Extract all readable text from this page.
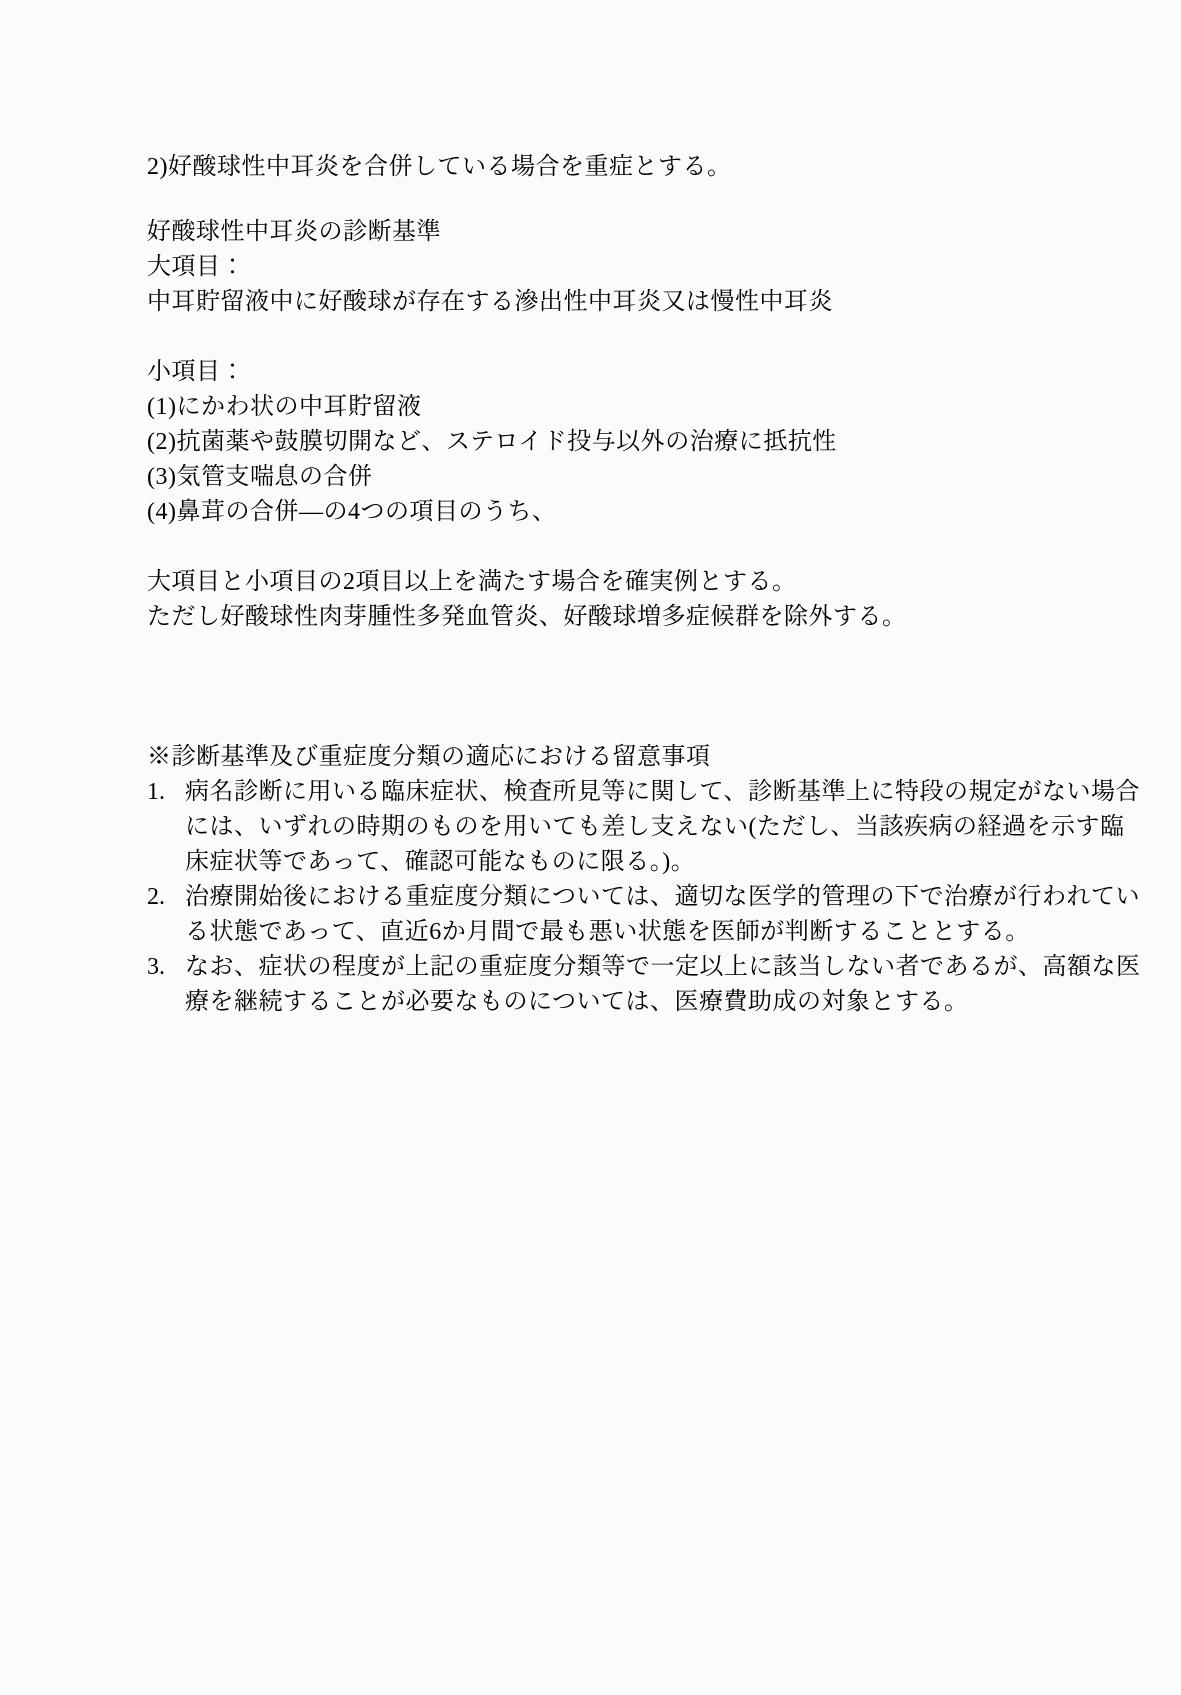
2)好酸球性中耳炎を合併している場合を重症とする。
好酸球性中耳炎の診断基準
大項目：
中耳貯留液中に好酸球が存在する滲出性中耳炎又は慢性中耳炎
小項目：
(1)にかわ状の中耳貯留液
(2)抗菌薬や鼓膜切開など、ステロイド投与以外の治療に抵抗性
(3)気管支喘息の合併
(4)鼻茸の合併―の4つの項目のうち、
大項目と小項目の2項目以上を満たす場合を確実例とする。
ただし好酸球性肉芽腫性多発血管炎、好酸球増多症候群を除外する。
※診断基準及び重症度分類の適応における留意事項
1. 病名診断に用いる臨床症状、検査所見等に関して、診断基準上に特段の規定がない場合
には、いずれの時期のものを用いても差し支えない(ただし、当該疾病の経過を示す臨
床症状等であって、確認可能なものに限る。)。
2. 治療開始後における重症度分類については、適切な医学的管理の下で治療が行われてい
る状態であって、直近6か月間で最も悪い状態を医師が判断することとする。
3. なお、症状の程度が上記の重症度分類等で一定以上に該当しない者であるが、高額な医
療を継続することが必要なものについては、医療費助成の対象とする。
